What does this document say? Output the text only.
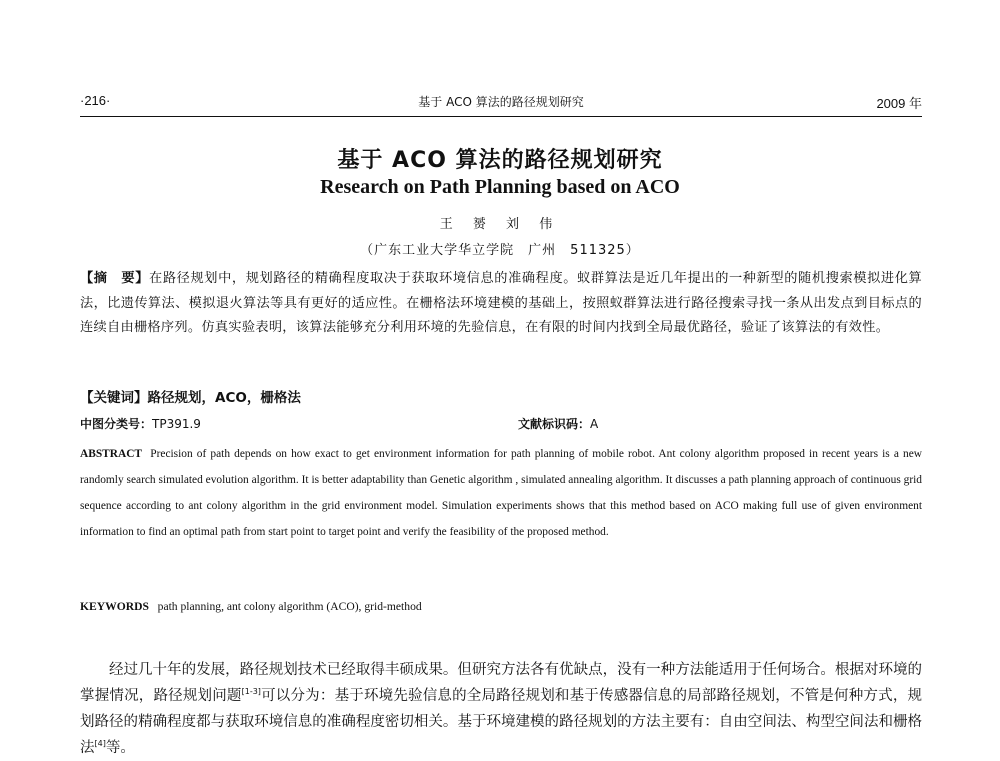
·216·	基于 ACO 算法的路径规划研究	2009 年
基于 ACO 算法的路径规划研究
Research on Path Planning based on ACO
王 赟 刘 伟
（广东工业大学华立学院　广州　511325）
【摘　要】在路径规划中，规划路径的精确程度取决于获取环境信息的准确程度。蚁群算法是近几年提出的一种新型的随机搜索模拟进化算法，比遗传算法、模拟退火算法等具有更好的适应性。在栅格法环境建模的基础上，按照蚁群算法进行路径搜索寻找一条从出发点到目标点的连续自由栅格序列。仿真实验表明，该算法能够充分利用环境的先验信息，在有限的时间内找到全局最优路径，验证了该算法的有效性。
【关键词】路径规划，ACO，栅格法
中图分类号：TP391.9	文献标识码：A
ABSTRACT Precision of path depends on how exact to get environment information for path planning of mobile robot. Ant colony algorithm proposed in recent years is a new randomly search simulated evolution algorithm. It is better adaptability than Genetic algorithm , simulated annealing algorithm. It discusses a path planning approach of continuous grid sequence according to ant colony algorithm in the grid environment model. Simulation experiments shows that this method based on ACO making full use of given environment information to find an optimal path from start point to target point and verify the feasibility of the proposed method.
KEYWORDS path planning, ant colony algorithm (ACO), grid-method
经过几十年的发展，路径规划技术已经取得丰硕成果。但研究方法各有优缺点，没有一种方法能适用于任何场合。根据对环境的掌握情况，路径规划问题[1-3]可以分为：基于环境先验信息的全局路径规划和基于传感器信息的局部路径规划，不管是何种方式，规划路径的精确程度都与获取环境信息的准确程度密切相关。基于环境建模的路径规划的方法主要有：自由空间法、构型空间法和栅格法[4]等。
